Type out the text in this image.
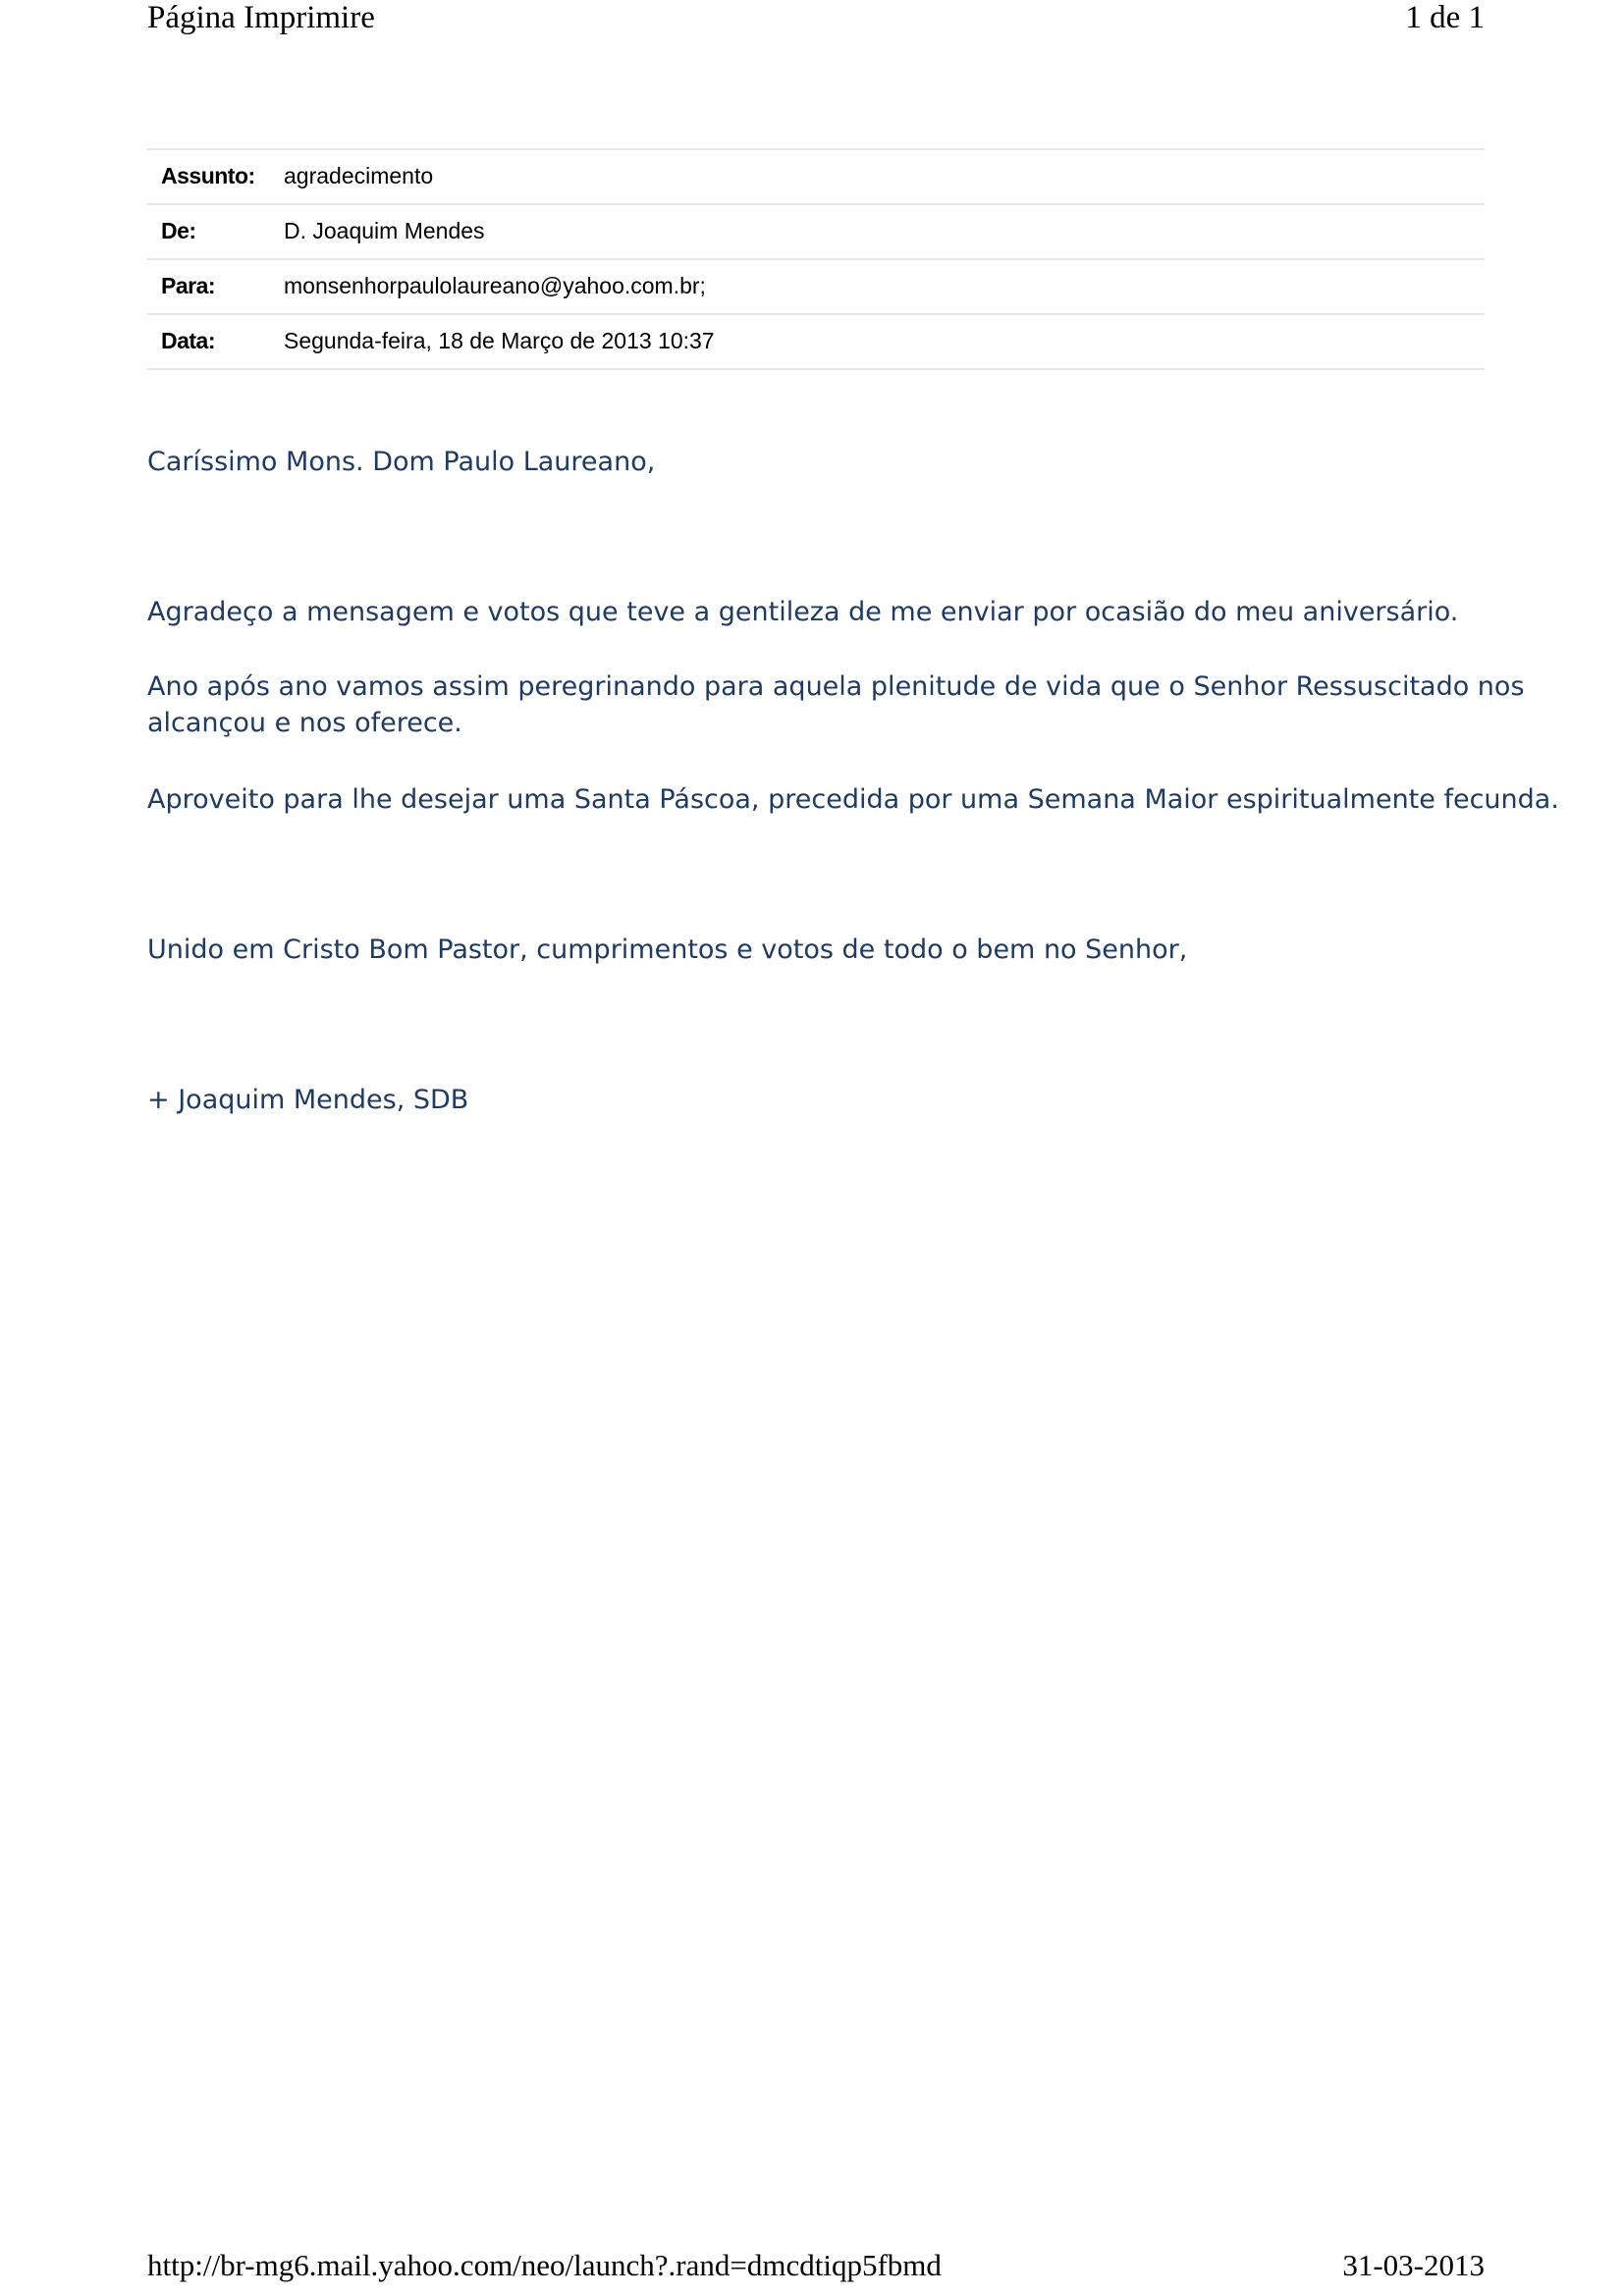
Página Imprimire	1 de 1
Assunto: agradecimento
De:	D. Joaquim Mendes
Para:	monsenhorpaulolaureano@yahoo.com.br;
Data:	Segunda-feira, 18 de Março de 2013 10:37

Caríssimo Mons. Dom Paulo Laureano,

Agradeço a mensagem e votos que teve a gentileza de me enviar por ocasião do meu aniversário.

Ano após ano vamos assim peregrinando para aquela plenitude de vida que o Senhor Ressuscitado nos

alcançou e nos oferece.

Aproveito para lhe desejar uma Santa Páscoa, precedida por uma Semana Maior espiritualmente fecunda.

Unido em Cristo Bom Pastor, cumprimentos e votos de todo o bem no Senhor,

+ Joaquim Mendes, SDB

http://br-mg6.mail.yahoo.com/neo/launch?.rand=dmcdtiqp5fbmd	31-03-2013
